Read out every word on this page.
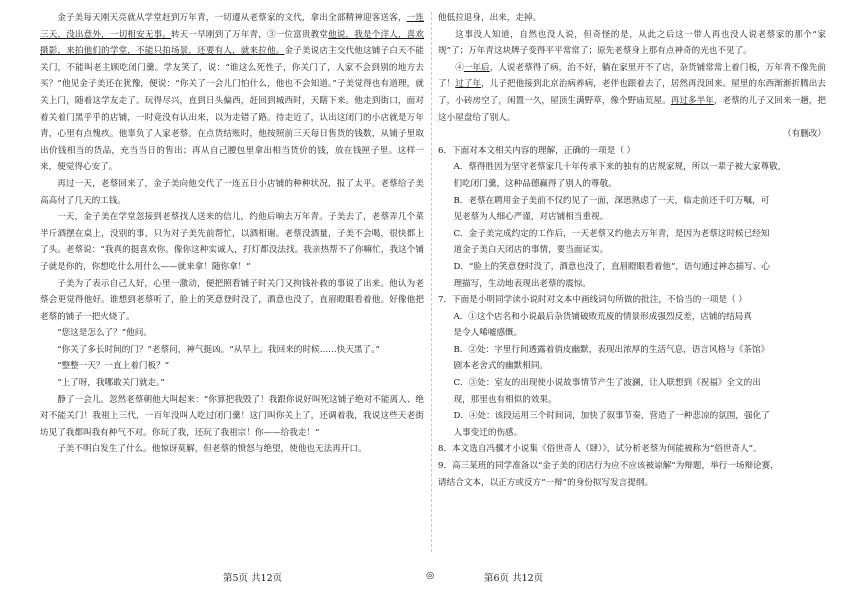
金子美每天刚天亮就从学堂赶到万年青，一切遵从老蔡家的文代，拿出全部精神迎客送客，一连三天，没出意外，一切相安无事。转天一早刚到了万年青，③一位富贵教堂他说，我是个洋人，喜欢摄影，来拍他们的学堂，不能只拍场景，还要有人，就来拉他。金子美说店主交代他这铺子白天不能关门，不能叫老主顾吃闭门羹。学友笑了，说：“谁这么死性子，你关门了，人家不会到别的地方去买？”他见金子美还在犹豫，便说：“你关了一会儿门怕什么，他也不会知道。”子美觉得也有道理，就关上门，随着这学友走了。玩得尽兴，直到日头偏西，赶回到城西时，天瞎下来。他走到街口，面对着关着门黑乎乎的店铺，一时竟没有认出来，以为走错了路。待走近了，认出这闭门的小店就是万年青，心里有点愧疚。他辜负了人家老蔡。在点货结账时，他按照前三天每日售货的钱数，从铺子里取出价钱相当的货品，充当当日的售出；再从自己腰包里拿出相当货价的钱，放在钱匣子里。这样一来，便觉得心安了。

再过一天，老蔡回来了，金子美向他交代了一连五日小店铺的种种状况，报了太平。老蔡给子美高高付了几天的工钱。

一天，金子美在学堂忽接到老蔡找人送来的信儿，约他后晌去万年青。子美去了，老蔡弄几个菜半斤酒摆在桌上，没别的事，只为对子美先前帮忙，以酒相谢。老蔡没酒量，子美不会喝，很快都上了头。老蔡说：“我真的挺喜欢你。像你这种实诚人，打灯都没法找。我亲热帮不了你嘛忙，我这个铺子就是你的，你想吃什么用什么——就来拿！随你拿！”

子美为了表示自己人好，心里一激动，便把照看铺子时关门又拘钱补救的事说了出来。他认为老蔡会更觉得他好。谁想到老蔡听了，脸上的笑意登时没了，酒意也没了，直眉瞪眼看着他。好像他把老蔡的铺子一把火烧了。

“您这是怎么了？”他问。

“你关了多长时间的门？”老蔡问，神气挺凶。“从早上。我回来的时候……快天黑了。”

“整整一天？一直上着门板？”

“上了呀，我哪敢关门就走。”

静了一会儿。忽然老蔡朝他大叫起来：“你算把我毁了！我跟你说好叫死这铺子绝对不能离人、绝对不能关门！我祖上三代，一百年没叫人吃过闭门羹！这门叫你关上了，还调着我，我说这些天老街坊见了我都叫我有种气不对。你玩了我，还玩了我祖宗！你——给我走！”

子美不明白发生了什么。他惊讶莫解，但老蔡的愤怒与绝望，使他也无法再开口。

他低拉退身，出来，走掉。

这事没人知道，自然也没人说，但奇怪的是，从此之后这一带人再也没人说老蔡家的那个“家规”了；万年青这块牌子变得平平常常了；原先老蔡身上那有点神奇的光也不见了。

④一年后，人说老蔡得了病，治不好，躺在家里开不了店，杂货铺常常上着门板，万年青不像先前了！过了年，儿子把他接到北京治病养病，老伴也跟着去了，居然再没回来。屋里的东西渐渐折腾出去了，小砖房空了，闲置一久，屋顶生满野草，像个野庙荒屋。再过多半年，老蔡的儿子又回来一趟，把这小屋盘给了别人。

（有删改）

6．下面对本文相关内容的理解，正确的一项是（ ）

A．蔡得胜因为坚守老蔡家几十年传承下来的独有的店规家规，所以一辈子被大家尊敬，

们吃闭门羹，这种品德赢得了别人的尊敬。

B．老蔡在聘用金子美前不仅约见了一面，深思熟虑了一天，临走前还千叮万嘱，可

见老蔡为人细心严谨，对店铺相当重视。

C．金子美完成约定的工作后，一天老蔡又约他去万年青，是因为老蔡这时候已经知

道金子美白天闭店的事情，要当面证实。

D．“脸上的笑意登时没了，酒意也没了，直眉瞪眼看着他”，语句通过神态描写、心

理描写，生动地表现出老蔡的震惊。

7．下面是小明同学读小说时对文本中画线词句所做的批注，不恰当的一项是（ ）

A．①这个店名和小说最后杂货铺破败荒废的情景形成强烈反差，店铺的结局真

是令人唏嘘感慨。

B．②处：字里行间透露着俏皮幽默，表现出浓厚的生活气息，语言风格与《茶馆》

剧本老舍式的幽默相同。

C．③处：室友的出现使小说故事情节产生了波澜，让人联想到《祝福》全文的出

现，那里也有相似的效果。

D．④处：该段运用三个时间词，加快了叙事节奏，营造了一种悲凉的氛围，强化了

人事变迁的伤感。

8．本文选自冯骥才小说集《俗世奇人（肆）》，试分析老蔡为何能被称为“俗世奇人”。

9．高三某班的同学准备以“金子美的闭店行为应不应该被谅解”为辩题，举行一场辩论赛，

请结合文本，以正方或反方“一辩”的身份拟写发言提纲。

第5页 共12页	◎	第6页 共12页
